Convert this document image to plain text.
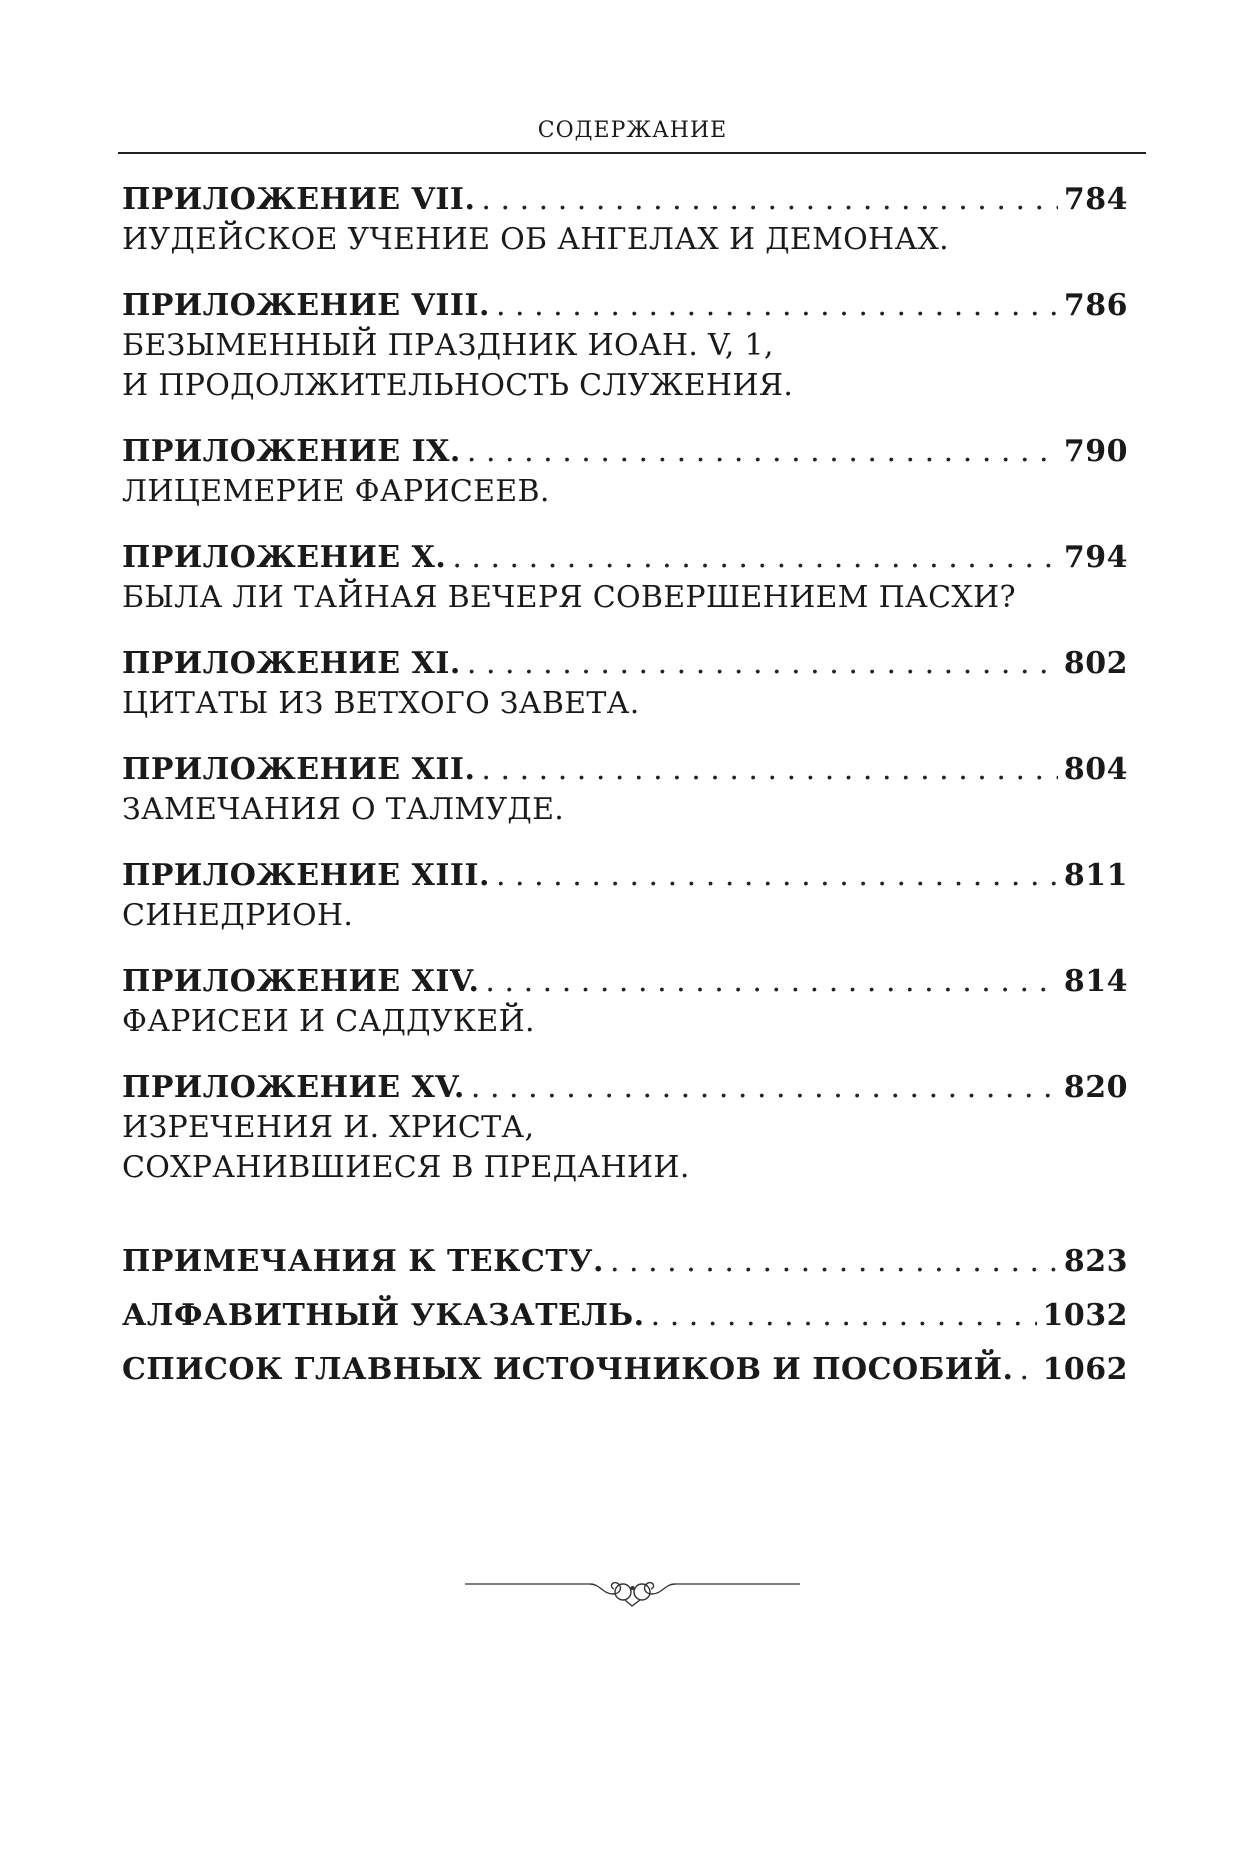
СОДЕРЖАНИЕ
ПРИЛОЖЕНИЕ VII. . . .	784
ИУДЕЙСКОЕ УЧЕНИЕ ОБ АНГЕЛАХ И ДЕМОНАХ.
ПРИЛОЖЕНИЕ VIII. . . .	786
БЕЗЫМЕННЫЙ ПРАЗДНИК ИОАН. V, 1,
И ПРОДОЛЖИТЕЛЬНОСТЬ СЛУЖЕНИЯ.
ПРИЛОЖЕНИЕ IX. . . .	790
ЛИЦЕМЕРИЕ ФАРИСЕЕВ.
ПРИЛОЖЕНИЕ X. . . .	794
БЫЛА ЛИ ТАЙНАЯ ВЕЧЕРЯ СОВЕРШЕНИЕМ ПАСХИ?
ПРИЛОЖЕНИЕ XI. . . .	802
ЦИТАТЫ ИЗ ВЕТХОГО ЗАВЕТА.
ПРИЛОЖЕНИЕ XII. . . .	804
ЗАМЕЧАНИЯ О ТАЛМУДЕ.
ПРИЛОЖЕНИЕ XIII. . . .	811
СИНЕДРИОН.
ПРИЛОЖЕНИЕ XIV. . . .	814
ФАРИСЕИ И САДДУКЕЙ.
ПРИЛОЖЕНИЕ XV. . . .	820
ИЗРЕЧЕНИЯ И. ХРИСТА,
СОХРАНИВШИЕСЯ В ПРЕДАНИИ.
ПРИМЕЧАНИЯ К ТЕКСТУ. . . .	823
АЛФАВИТНЫЙ УКАЗАТЕЛЬ. . . .	1032
СПИСОК ГЛАВНЫХ ИСТОЧНИКОВ И ПОСОБИЙ. . . . 1062
